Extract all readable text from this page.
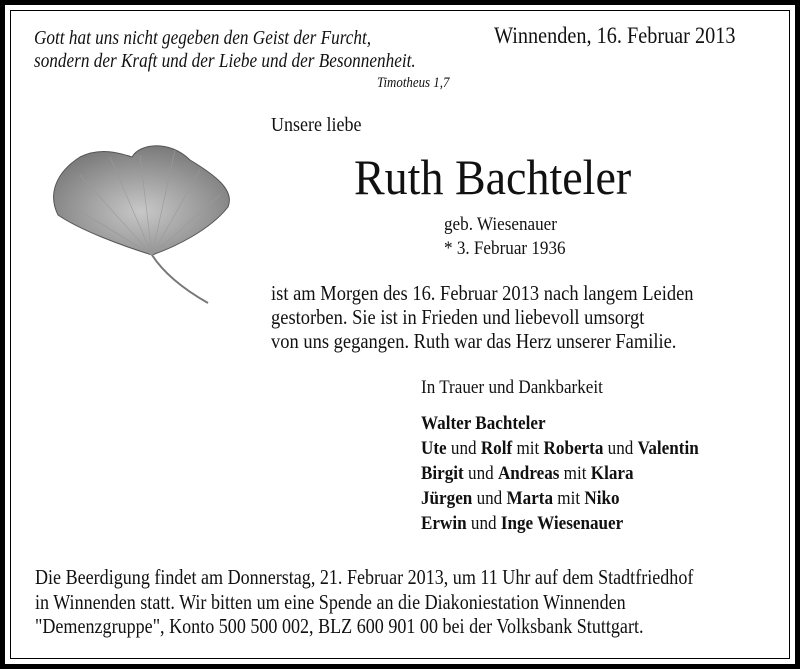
Gott hat uns nicht gegeben den Geist der Furcht,
sondern der Kraft und der Liebe und der Besonnenheit.
Timotheus 1,7
Winnenden, 16. Februar 2013
Unsere liebe
Ruth Bachteler
geb. Wiesenauer
* 3. Februar 1936
ist am Morgen des 16. Februar 2013 nach langem Leiden
gestorben. Sie ist in Frieden und liebevoll umsorgt
von uns gegangen. Ruth war das Herz unserer Familie.
In Trauer und Dankbarkeit
Walter Bachteler
Ute und Rolf mit Roberta und Valentin
Birgit und Andreas mit Klara
Jürgen und Marta mit Niko
Erwin und Inge Wiesenauer
Die Beerdigung findet am Donnerstag, 21. Februar 2013, um 11 Uhr auf dem Stadtfriedhof
in Winnenden statt. Wir bitten um eine Spende an die Diakoniestation Winnenden
"Demenzgruppe", Konto 500 500 002, BLZ 600 901 00 bei der Volksbank Stuttgart.
